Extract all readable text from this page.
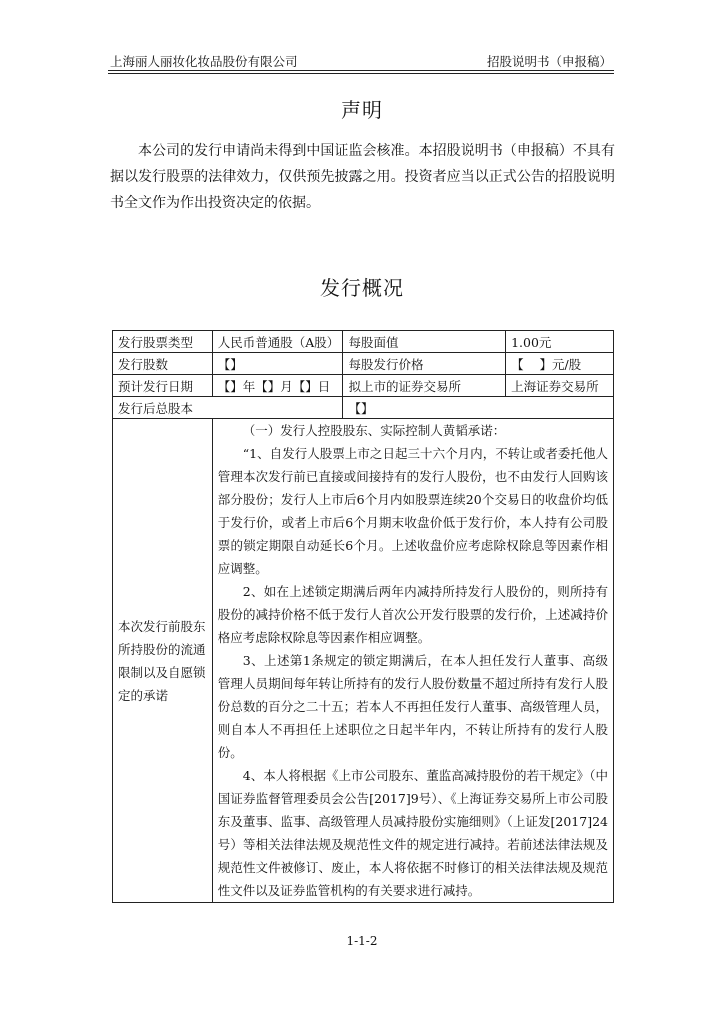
上海丽人丽妆化妆品股份有限公司	招股说明书（申报稿）
声明

本公司的发行申请尚未得到中国证监会核准。本招股说明书（申报稿）不具有据以发行股票的法律效力，仅供预先披露之用。投资者应当以正式公告的招股说明书全文作为作出投资决定的依据。

发行概况
发行股票类型	人民币普通股（A股）	每股面值	1.00元
发行股数	【】	每股发行价格	【    】元/股
预计发行日期	【】年【】月【】日	拟上市的证券交易所	上海证券交易所
发行后总股本		【】	
本次发行前股东所持股份的流通限制以及自愿锁定的承诺	（一）发行人控股股东、实际控制人黄韬承诺：

“1、自发行人股票上市之日起三十六个月内，不转让或者委托他人管理本次发行前已直接或间接持有的发行人股份，也不由发行人回购该部分股份；发行人上市后6个月内如股票连续20个交易日的收盘价均低于发行价，或者上市后6个月期末收盘价低于发行价，本人持有公司股票的锁定期限自动延长6个月。上述收盘价应考虑除权除息等因素作相应调整。

2、如在上述锁定期满后两年内减持所持发行人股份的，则所持有股份的减持价格不低于发行人首次公开发行股票的发行价，上述减持价格应考虑除权除息等因素作相应调整。

3、上述第1条规定的锁定期满后，在本人担任发行人董事、高级管理人员期间每年转让所持有的发行人股份数量不超过所持有发行人股份总数的百分之二十五；若本人不再担任发行人董事、高级管理人员，则自本人不再担任上述职位之日起半年内，不转让所持有的发行人股份。

4、本人将根据《上市公司股东、董监高减持股份的若干规定》（中国证券监督管理委员会公告[2017]9号）、《上海证券交易所上市公司股东及董事、监事、高级管理人员减持股份实施细则》（上证发[2017]24号）等相关法律法规及规范性文件的规定进行减持。若前述法律法规及规范性文件被修订、废止，本人将依据不时修订的相关法律法规及规范性文件以及证券监管机构的有关要求进行减持。		

1-1-2
